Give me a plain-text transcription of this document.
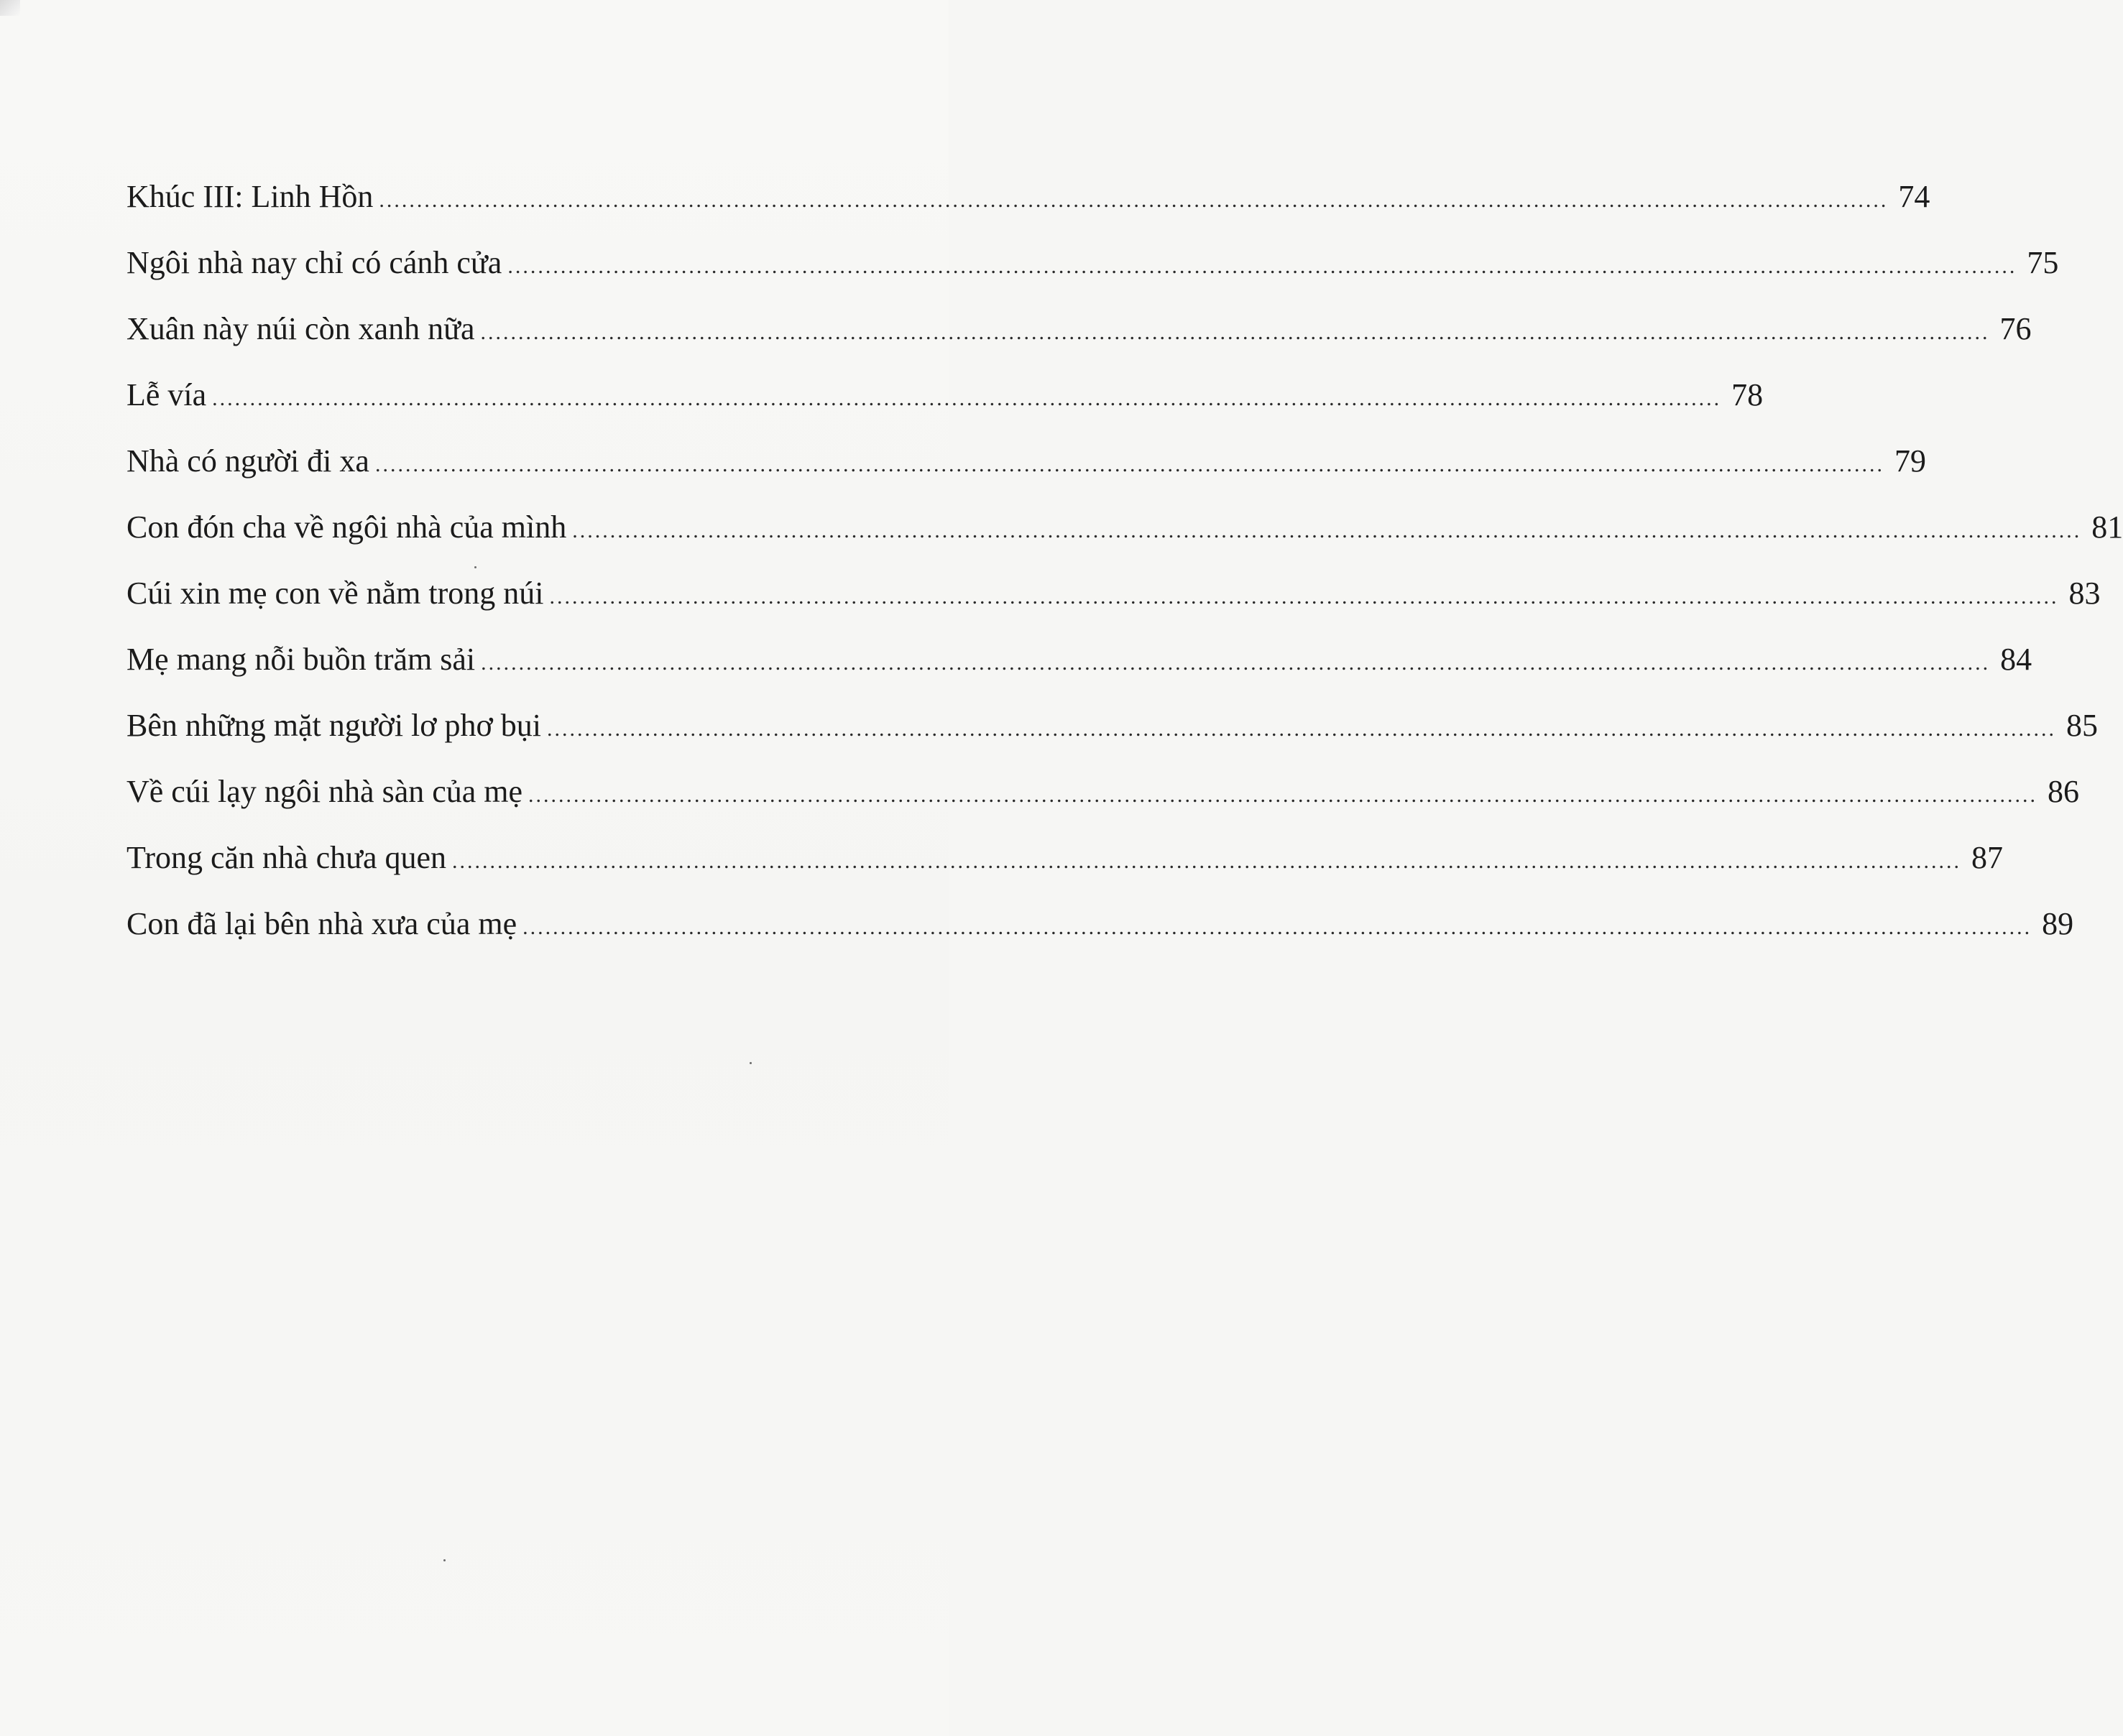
Khúc III: Linh Hồn ........................................................................................................................................................................................................ 74
Ngôi nhà nay chỉ có cánh cửa ........................................................................................................................................................................................................ 75
Xuân này núi còn xanh nữa ........................................................................................................................................................................................................ 76
Lễ vía ........................................................................................................................................................................................................ 78
Nhà có người đi xa ........................................................................................................................................................................................................ 79
Con đón cha về ngôi nhà của mình ........................................................................................................................................................................................................ 81
Cúi xin mẹ con về nằm trong núi ........................................................................................................................................................................................................ 83
Mẹ mang nỗi buồn trăm sải ........................................................................................................................................................................................................ 84
Bên những mặt người lơ phơ bụi ........................................................................................................................................................................................................ 85
Về cúi lạy ngôi nhà sàn của mẹ ........................................................................................................................................................................................................ 86
Trong căn nhà chưa quen ........................................................................................................................................................................................................ 87
Con đã lại bên nhà xưa của mẹ ........................................................................................................................................................................................................ 89
